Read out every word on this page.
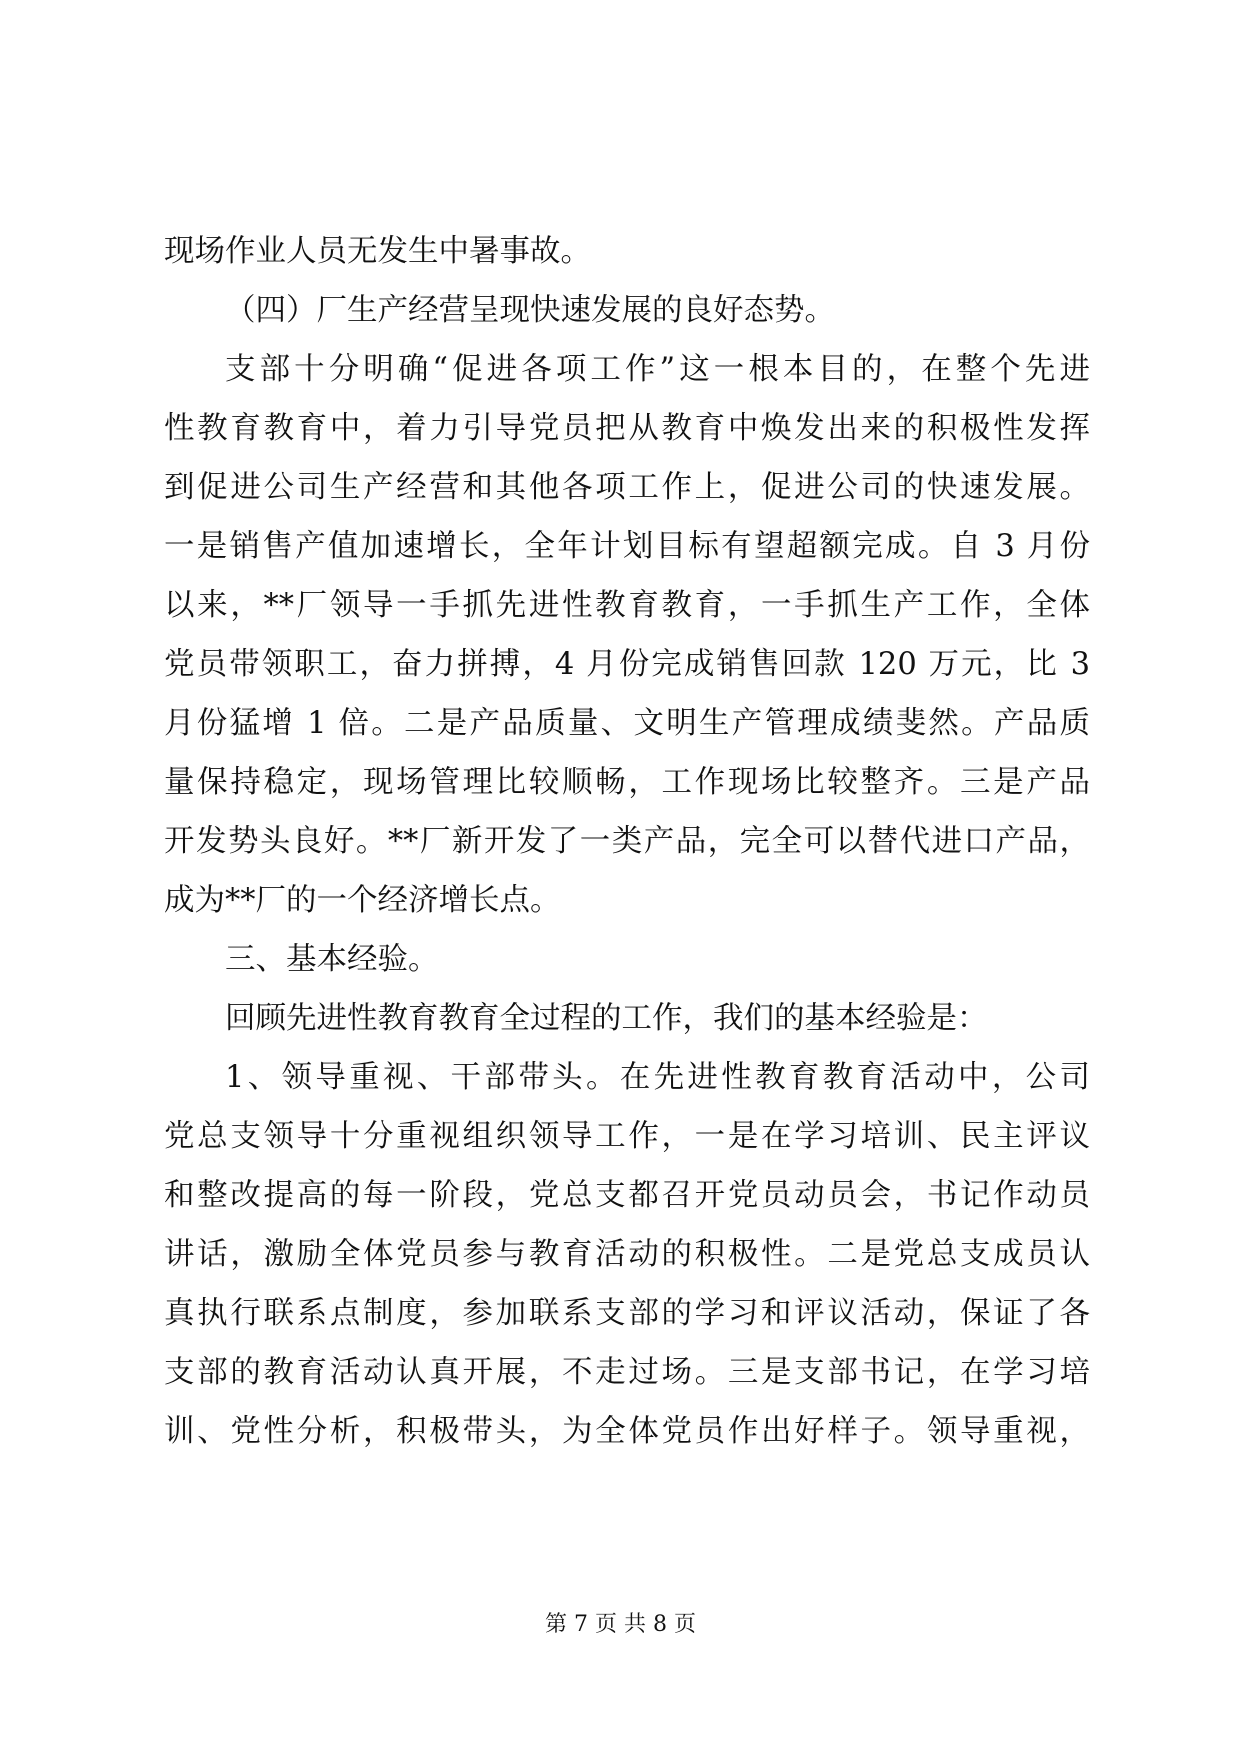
现场作业人员无发生中暑事故。
（四）厂生产经营呈现快速发展的良好态势。
支部十分明确“促进各项工作”这一根本目的，在整个先进
性教育教育中，着力引导党员把从教育中焕发出来的积极性发挥
到促进公司生产经营和其他各项工作上，促进公司的快速发展。
一是销售产值加速增长，全年计划目标有望超额完成。自 3 月份
以来，**厂领导一手抓先进性教育教育，一手抓生产工作，全体
党员带领职工，奋力拼搏，4 月份完成销售回款 120 万元，比 3
月份猛增 1 倍。二是产品质量、文明生产管理成绩斐然。产品质
量保持稳定，现场管理比较顺畅，工作现场比较整齐。三是产品
开发势头良好。**厂新开发了一类产品，完全可以替代进口产品，
成为**厂的一个经济增长点。
三、基本经验。
回顾先进性教育教育全过程的工作，我们的基本经验是：
1、领导重视、干部带头。在先进性教育教育活动中，公司
党总支领导十分重视组织领导工作，一是在学习培训、民主评议
和整改提高的每一阶段，党总支都召开党员动员会，书记作动员
讲话，激励全体党员参与教育活动的积极性。二是党总支成员认
真执行联系点制度，参加联系支部的学习和评议活动，保证了各
支部的教育活动认真开展，不走过场。三是支部书记，在学习培
训、党性分析，积极带头，为全体党员作出好样子。领导重视，
第 7 页 共 8 页
